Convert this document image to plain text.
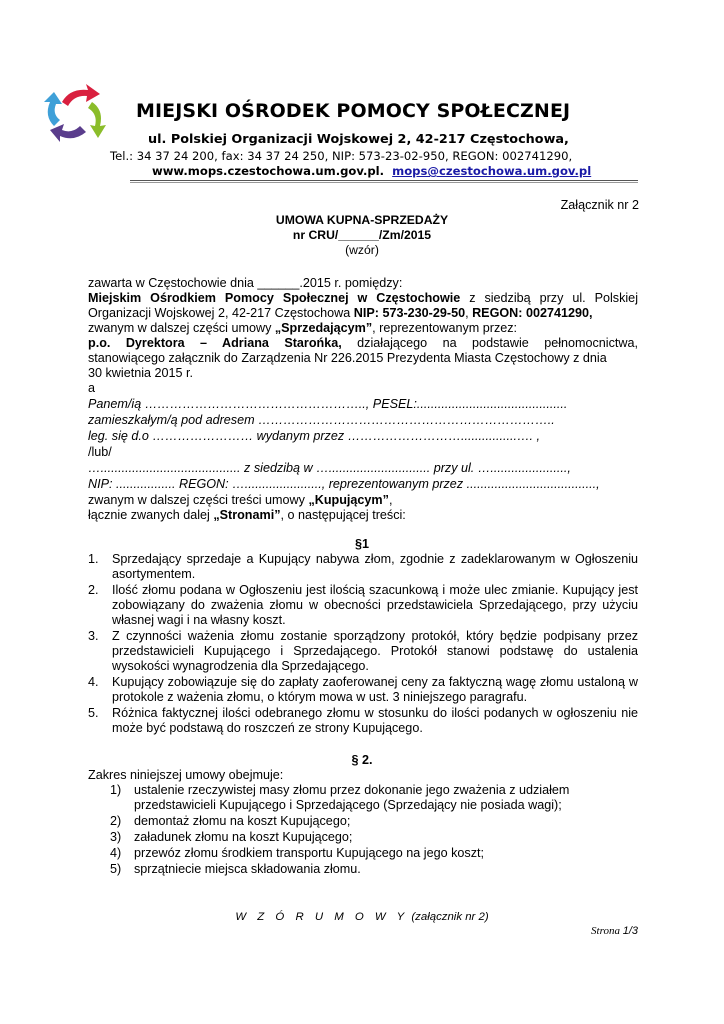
MIEJSKI OŚRODEK POMOCY SPOŁECZNEJ
ul. Polskiej Organizacji Wojskowej 2, 42-217 Częstochowa,
Tel.: 34 37 24 200, fax: 34 37 24 250, NIP: 573-23-02-950, REGON: 002741290,
www.mops.czestochowa.um.gov.pl. mops@czestochowa.um.gov.pl
Załącznik nr 2
UMOWA KUPNA-SPRZEDAŻY
nr CRU/______/Zm/2015
(wzór)
zawarta w Częstochowie dnia ______.2015 r. pomiędzy:
Miejskim Ośrodkiem Pomocy Społecznej w Częstochowie z siedzibą przy ul. Polskiej
Organizacji Wojskowej 2, 42-217 Częstochowa NIP: 573-230-29-50, REGON: 002741290,
zwanym w dalszej części umowy „Sprzedającym”, reprezentowanym przez:
p.o. Dyrektora – Adriana Starońka, działającego na podstawie pełnomocnictwa,
stanowiącego załącznik do Zarządzenia Nr 226.2015 Prezydenta Miasta Częstochowy z dnia
30 kwietnia 2015 r.
a
Panem/ią …………………………………………….., PESEL:...........................................
zamieszkałym/ą pod adresem ……………………………………………………………..
leg. się d.o …………………… wydanym przez ………………………................…. ,
/lub/
…........................................ z siedzibą w …............................. przy ul. …......................,
NIP: ................. REGON: …......................, reprezentowanym przez .....................................,
zwanym w dalszej części treści umowy „Kupującym”,
łącznie zwanych dalej „Stronami”, o następującej treści:
§1
1. Sprzedający sprzedaje a Kupujący nabywa złom, zgodnie z zadeklarowanym w Ogłoszeniu asortymentem.
2. Ilość złomu podana w Ogłoszeniu jest ilością szacunkową i może ulec zmianie. Kupujący jest zobowiązany do zważenia złomu w obecności przedstawiciela Sprzedającego, przy użyciu własnej wagi i na własny koszt.
3. Z czynności ważenia złomu zostanie sporządzony protokół, który będzie podpisany przez przedstawicieli Kupującego i Sprzedającego. Protokół stanowi podstawę do ustalenia wysokości wynagrodzenia dla Sprzedającego.
4. Kupujący zobowiązuje się do zapłaty zaoferowanej ceny za faktyczną wagę złomu ustaloną w protokole z ważenia złomu, o którym mowa w ust. 3 niniejszego paragrafu.
5. Różnica faktycznej ilości odebranego złomu w stosunku do ilości podanych w ogłoszeniu nie może być podstawą do roszczeń ze strony Kupującego.
§ 2.
Zakres niniejszej umowy obejmuje:
1) ustalenie rzeczywistej masy złomu przez dokonanie jego zważenia z udziałem przedstawicieli Kupującego i Sprzedającego (Sprzedający nie posiada wagi);
2) demontaż złomu na koszt Kupującego;
3) załadunek złomu na koszt Kupującego;
4) przewóz złomu środkiem transportu Kupującego na jego koszt;
5) sprzątniecie miejsca składowania złomu.
W Z Ó R U M O W Y (załącznik nr 2)
Strona 1/3
